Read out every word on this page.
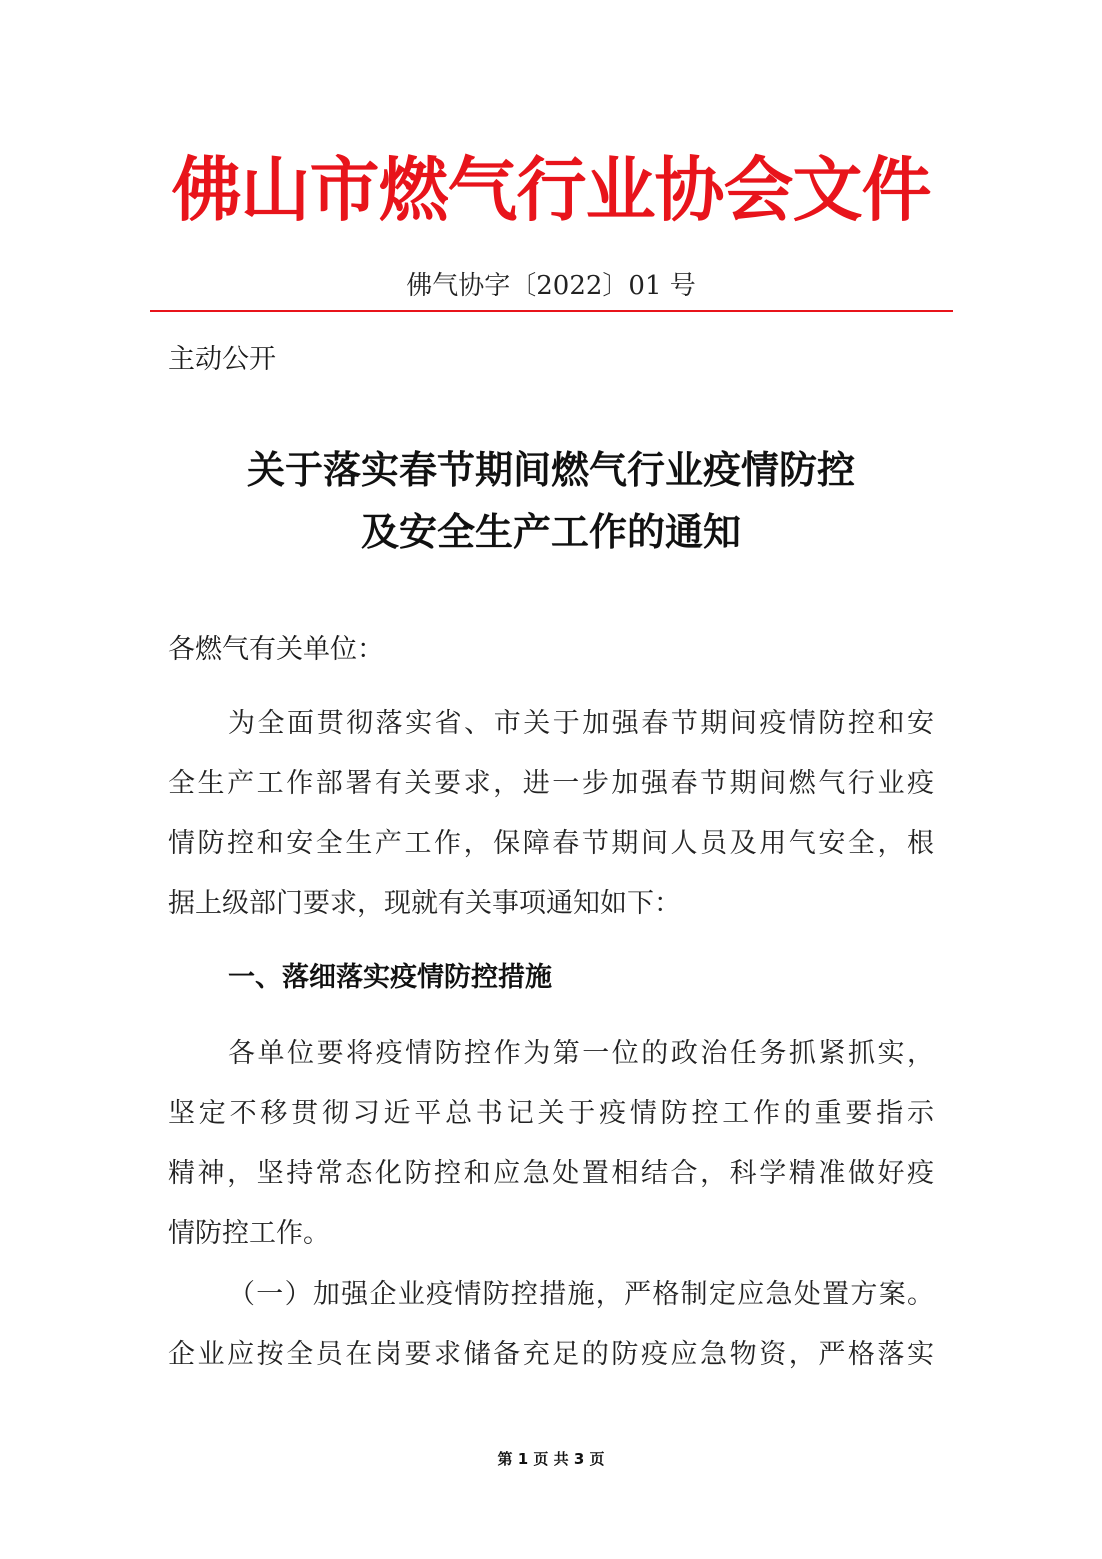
佛山市燃气行业协会文件
佛气协字〔2022〕01 号
主动公开
关于落实春节期间燃气行业疫情防控
及安全生产工作的通知
各燃气有关单位：
为全面贯彻落实省、市关于加强春节期间疫情防控和安
全生产工作部署有关要求，进一步加强春节期间燃气行业疫
情防控和安全生产工作，保障春节期间人员及用气安全，根
据上级部门要求，现就有关事项通知如下：
一、落细落实疫情防控措施
各单位要将疫情防控作为第一位的政治任务抓紧抓实，
坚定不移贯彻习近平总书记关于疫情防控工作的重要指示
精神，坚持常态化防控和应急处置相结合，科学精准做好疫
情防控工作。
（一）加强企业疫情防控措施，严格制定应急处置方案。
企业应按全员在岗要求储备充足的防疫应急物资，严格落实
第 1 页 共 3 页
